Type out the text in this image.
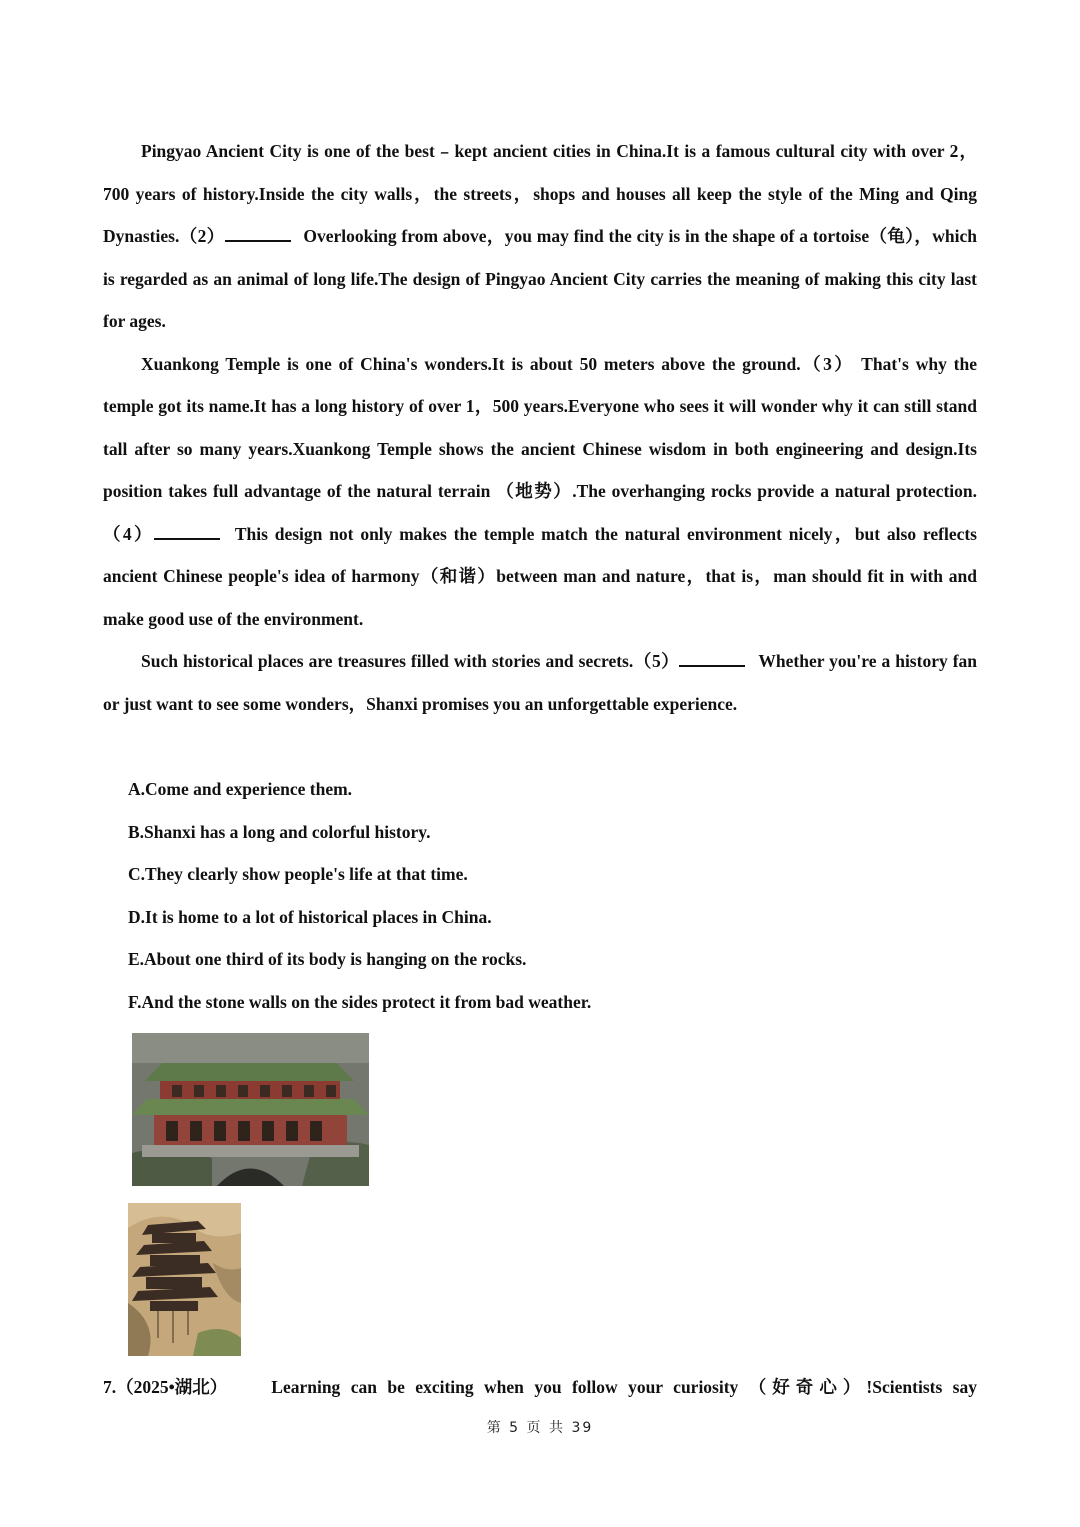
Pingyao Ancient City is one of the best﹣kept ancient cities in China.It is a famous cultural city with over 2，700 years of history.Inside the city walls，the streets，shops and houses all keep the style of the Ming and Qing Dynasties.（2）	Overlooking from above，you may find the city is in the shape of a tortoise（龟），which is regarded as an animal of long life.The design of Pingyao Ancient City carries the meaning of making this city last for ages.

Xuankong Temple is one of China's wonders.It is about 50 meters above the ground.（3） That's why the temple got its name.It has a long history of over 1，500 years.Everyone who sees it will wonder why it can still stand tall after so many years.Xuankong Temple shows the ancient Chinese wisdom in both engineering and design.Its position takes full advantage of the natural terrain （地势）.The overhanging rocks provide a natural protection.（4）	This design not only makes the temple match the natural environment nicely，but also reflects ancient Chinese people's idea of harmony（和谐）between man and nature，that is，man should fit in with and make good use of the environment.

Such historical places are treasures filled with stories and secrets.（5）	Whether you're a history fan or just want to see some wonders，Shanxi promises you an unforgettable experience.

A.Come and experience them.
B.Shanxi has a long and colorful history.
C.They clearly show people's life at that time.
D.It is home to a lot of historical places in China.
E.About one third of its body is hanging on the rocks.
F.And the stone walls on the sides protect it from bad weather.
7.（2025•湖北）	Learning can be exciting when you follow your curiosity （好奇心）!Scientists say
第 5 页 共 39
